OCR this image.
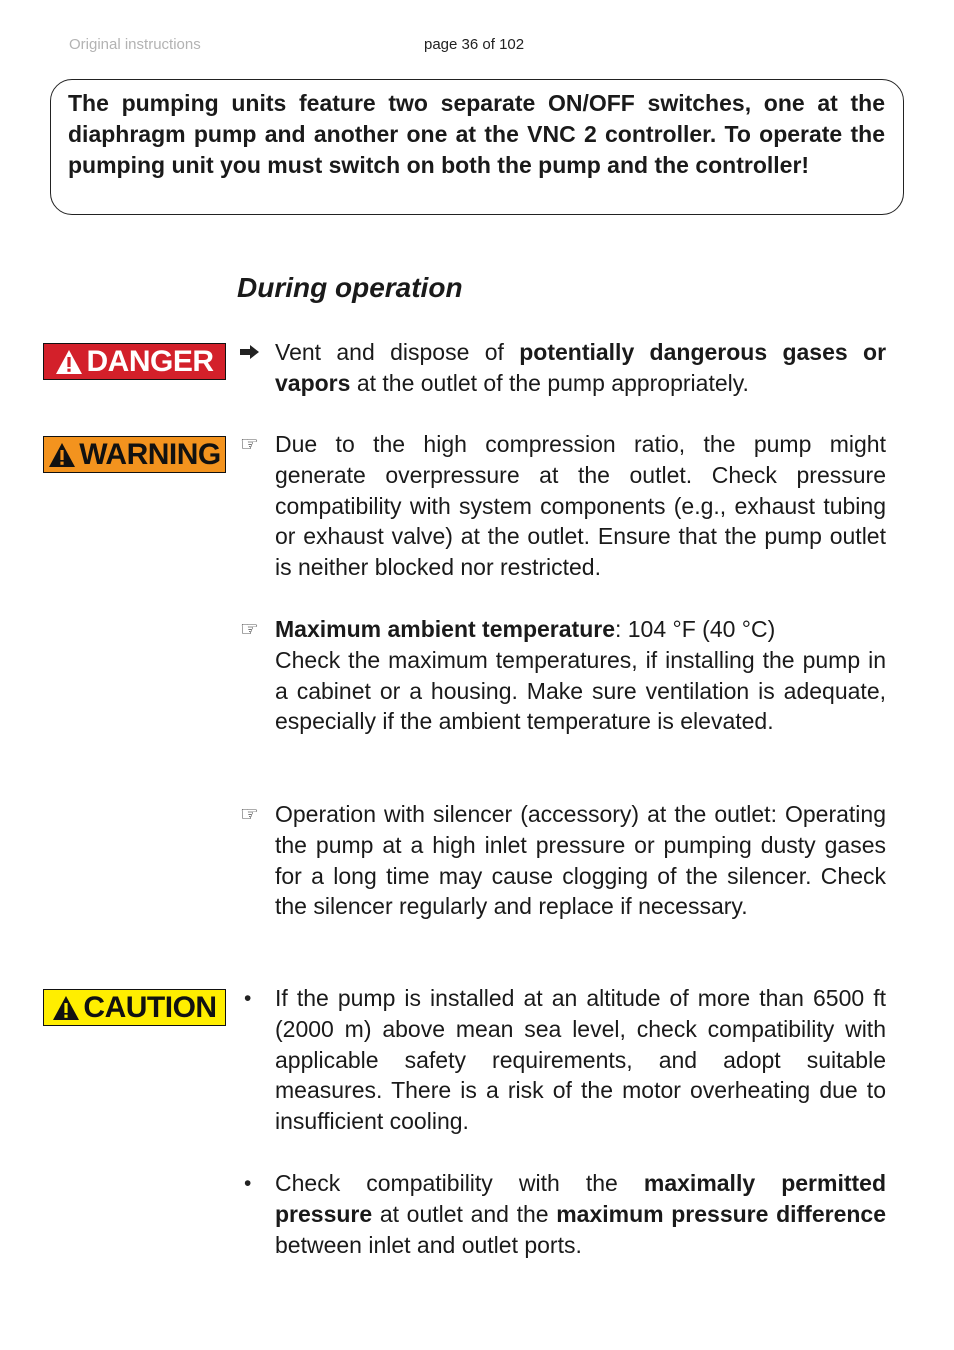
Original instructions	page 36 of 102

The pumping units feature two separate ON/OFF switches, one at the diaphragm pump and another one at the VNC 2 controller. To operate the pumping unit you must switch on both the pump and the controller!

During operation
DANGER
WARNING
CAUTION
Vent and dispose of potentially dangerous gases or vapors at the outlet of the pump appropriately.
☞ Due to the high compression ratio, the pump might generate overpressure at the outlet. Check pressure compatibility with system components (e.g., exhaust tubing or exhaust valve) at the outlet. Ensure that the pump outlet is neither blocked nor restricted.
☞ Maximum ambient temperature: 104 °F (40 °C)
Check the maximum temperatures, if installing the pump in a cabinet or a housing. Make sure ventilation is adequate, especially if the ambient temperature is elevated.
☞ Operation with silencer (accessory) at the outlet: Operating the pump at a high inlet pressure or pumping dusty gases for a long time may cause clogging of the silencer. Check the silencer regularly and replace if necessary.
•	If the pump is installed at an altitude of more than 6500 ft (2000 m) above mean sea level, check compatibility with applicable safety requirements, and adopt suitable measures. There is a risk of the motor overheating due to insufficient cooling.
•	Check compatibility with the maximally permitted pressure at outlet and the maximum pressure difference between inlet and outlet ports.
